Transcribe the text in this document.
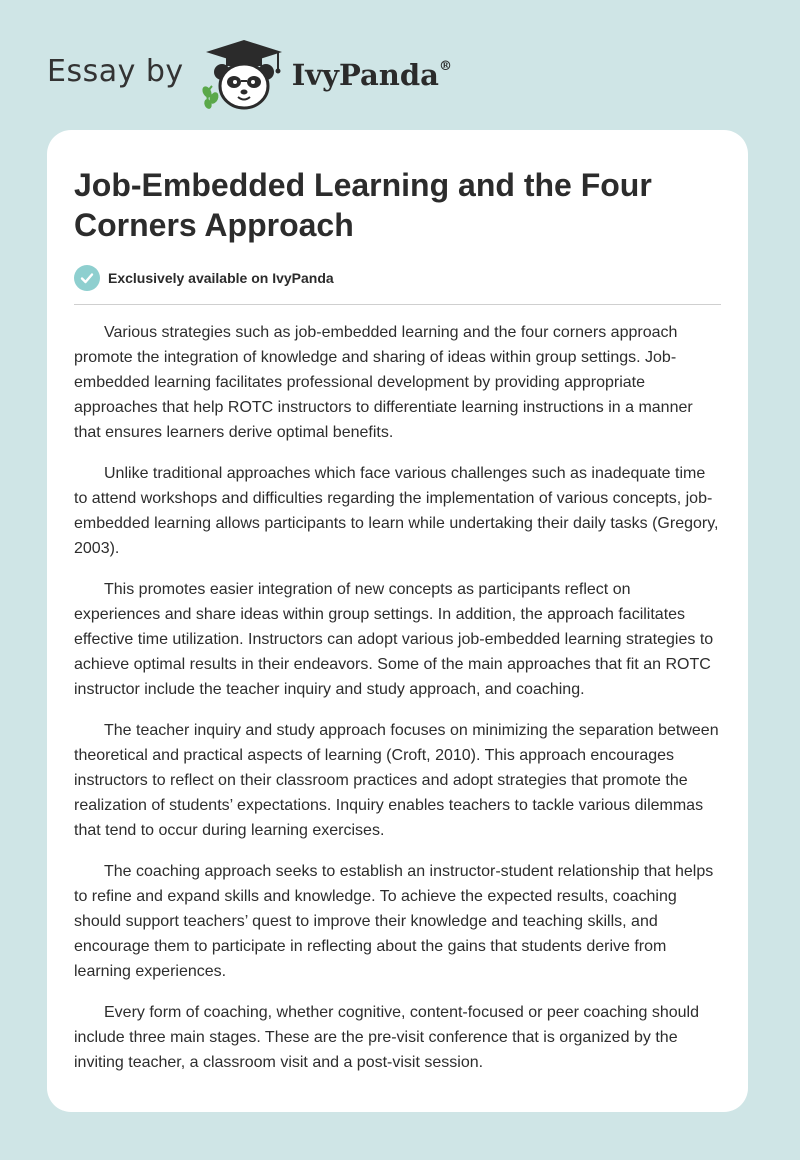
Essay by	IvyPanda®
Job-Embedded Learning and the Four Corners Approach
Exclusively available on IvyPanda

Various strategies such as job-embedded learning and the four corners approach promote the integration of knowledge and sharing of ideas within group settings. Job-embedded learning facilitates professional development by providing appropriate approaches that help ROTC instructors to differentiate learning instructions in a manner that ensures learners derive optimal benefits.

Unlike traditional approaches which face various challenges such as inadequate time to attend workshops and difficulties regarding the implementation of various concepts, job-embedded learning allows participants to learn while undertaking their daily tasks (Gregory, 2003).

This promotes easier integration of new concepts as participants reflect on experiences and share ideas within group settings. In addition, the approach facilitates effective time utilization. Instructors can adopt various job-embedded learning strategies to achieve optimal results in their endeavors. Some of the main approaches that fit an ROTC instructor include the teacher inquiry and study approach, and coaching.

The teacher inquiry and study approach focuses on minimizing the separation between theoretical and practical aspects of learning (Croft, 2010). This approach encourages instructors to reflect on their classroom practices and adopt strategies that promote the realization of students’ expectations. Inquiry enables teachers to tackle various dilemmas that tend to occur during learning exercises.

The coaching approach seeks to establish an instructor-student relationship that helps to refine and expand skills and knowledge. To achieve the expected results, coaching should support teachers’ quest to improve their knowledge and teaching skills, and encourage them to participate in reflecting about the gains that students derive from learning experiences.

Every form of coaching, whether cognitive, content-focused or peer coaching should include three main stages. These are the pre-visit conference that is organized by the inviting teacher, a classroom visit and a post-visit session.
